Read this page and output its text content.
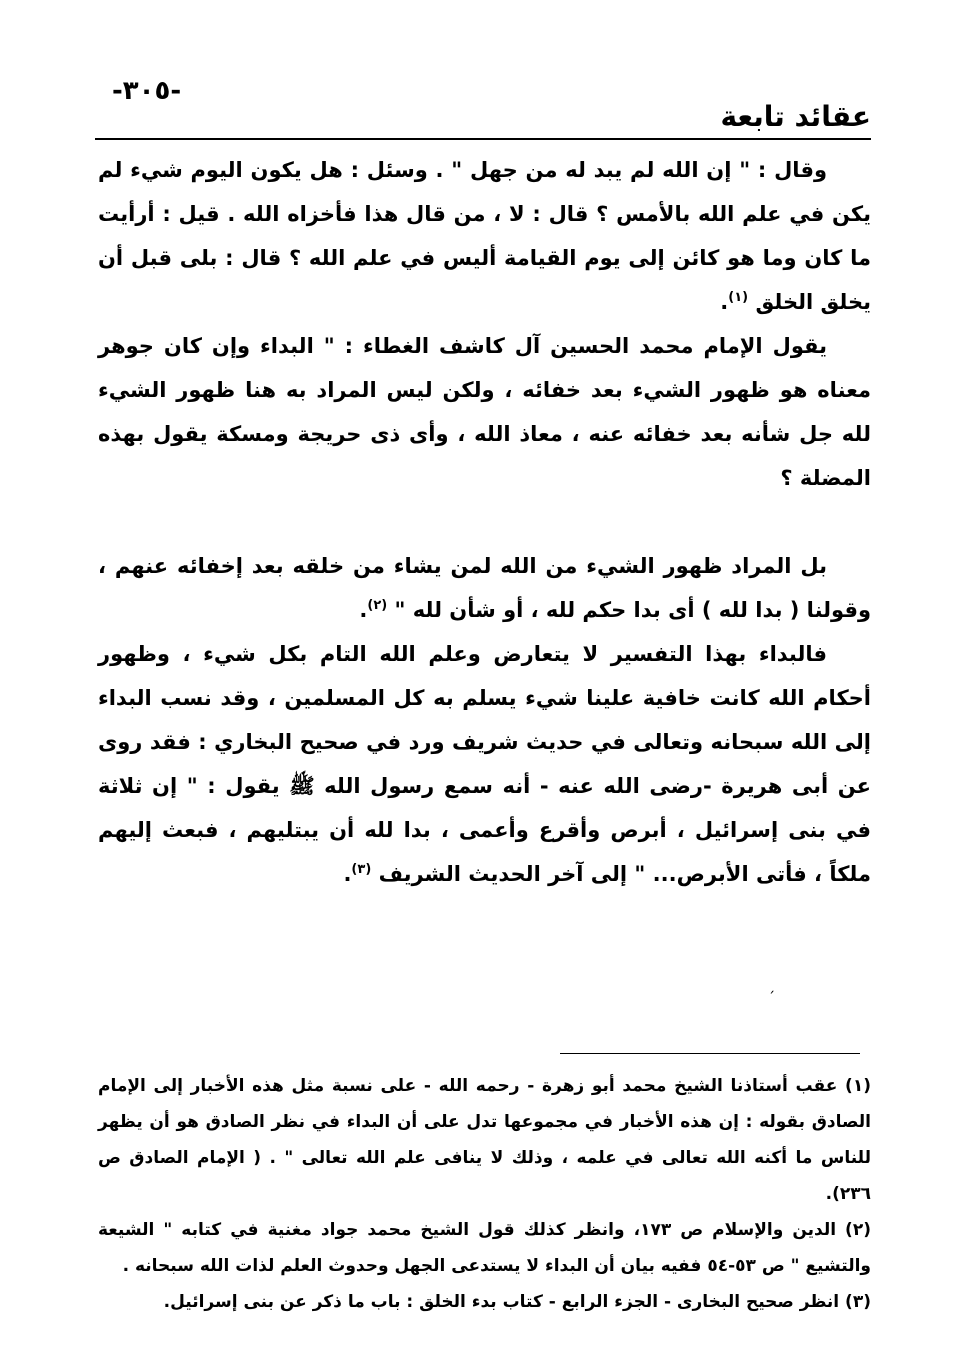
-٣٠٥-
عقائد تابعة

وقال : " إن الله لم يبد له من جهل " . وسئل : هل يكون اليوم شيء لم يكن في علم الله بالأمس ؟ قال : لا ، من قال هذا فأخزاه الله . قيل : أرأيت ما كان وما هو كائن إلى يوم القيامة أليس في علم الله ؟ قال : بلى قبل أن يخلق الخلق $^{(١)}$.

يقول الإمام محمد الحسين آل كاشف الغطاء : " البداء وإن كان جوهر معناه هو ظهور الشيء بعد خفائه ، ولكن ليس المراد به هنا ظهور الشيء لله جل شأنه بعد خفائه عنه ، معاذ الله ، وأى ذى حريجة ومسكة يقول بهذه المضلة ؟

بل المراد ظهور الشيء من الله لمن يشاء من خلقه بعد إخفائه عنهم ، وقولنا ( بدا لله ) أى بدا حكم لله ، أو شأن لله " $^{(٢)}$.

فالبداء بهذا التفسير لا يتعارض وعلم الله التام بكل شيء ، وظهور أحكام الله كانت خافية علينا شيء يسلم به كل المسلمين ، وقد نسب البداء إلى الله سبحانه وتعالى في حديث شريف ورد في صحيح البخاري : فقد روى عن أبى هريرة -رضى الله عنه - أنه سمع رسول الله ﷺ يقول : " إن ثلاثة في بنى إسرائيل ، أبرص وأقرع وأعمى ، بدا لله أن يبتليهم ، فبعث إليهم ملكاً ، فأتى الأبرص... " إلى آخر الحديث الشريف $^{(٣)}$.

ˏ

(١) عقب أستاذنا الشيخ محمد أبو زهرة - رحمه الله - على نسبة مثل هذه الأخبار إلى الإمام الصادق بقوله : إن هذه الأخبار في مجموعها تدل على أن البداء في نظر الصادق هو أن يظهر للناس ما أكنه الله تعالى في علمه ، وذلك لا ينافى علم الله تعالى " . ( الإمام الصادق ص ٢٣٦).

(٢) الدين والإسلام ص ١٧٣، وانظر كذلك قول الشيخ محمد جواد مغنية في كتابه " الشيعة والتشيع " ص ٥٣-٥٤ ففيه بيان أن البداء لا يستدعى الجهل وحدوث العلم لذات الله سبحانه .

(٣) انظر صحيح البخارى - الجزء الرابع - كتاب بدء الخلق : باب ما ذكر عن بنى إسرائيل.
